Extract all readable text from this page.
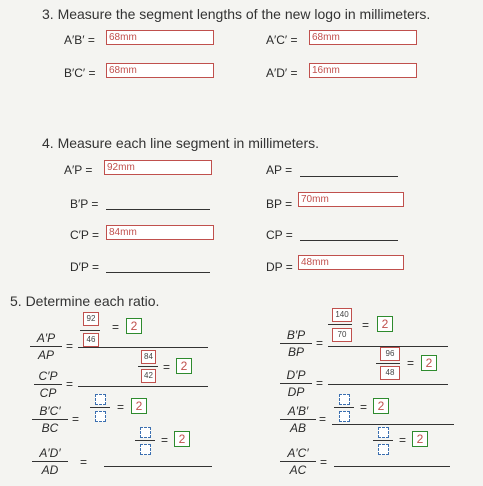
3. Measure the segment lengths of the new logo in millimeters.
A′B′ =	68mm	A′C′ =	68mm
B′C′ =	68mm	A′D′ =	16mm
4. Measure each line segment in millimeters.
A′P =	92mm	AP =
B′P =	BP = 70mm
C′P = 84mm	CP =
D′P =	DP = 48mm
5. Determine each ratio.
A′P
AP
=
92
46
= 2
C′P
CP
=
84
42
= 2
B′C′
BC
=
= 2
A′D′
AD
=
= 2
B′P
BP
=
140
70
=	2
D′P
DP
=
96
48
= 2
A′B′
AB
=
= 2
A′C′
AC
=
= 2
